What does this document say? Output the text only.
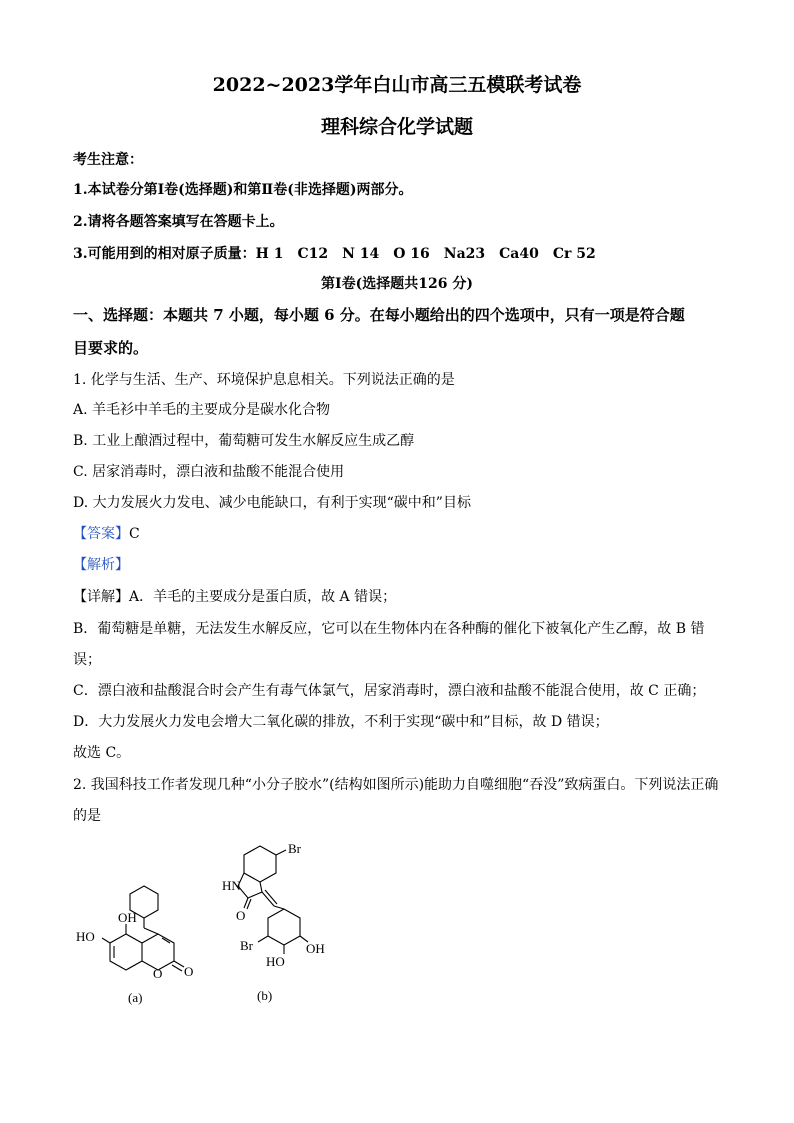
2022~2023学年白山市高三五模联考试卷
理科综合化学试题
考生注意：
1.本试卷分第Ⅰ卷(选择题)和第Ⅱ卷(非选择题)两部分。
2.请将各题答案填写在答题卡上。
3.可能用到的相对原子质量：H 1　C12　N 14　O 16　Na23　Ca40　Cr 52
第Ⅰ卷(选择题共126 分)
一、选择题：本题共 7 小题，每小题 6 分。在每小题给出的四个选项中，只有一项是符合题
目要求的。
1. 化学与生活、生产、环境保护息息相关。下列说法正确的是
A. 羊毛衫中羊毛的主要成分是碳水化合物
B. 工业上酿酒过程中，葡萄糖可发生水解反应生成乙醇
C. 居家消毒时，漂白液和盐酸不能混合使用
D. 大力发展火力发电、减少电能缺口，有利于实现“碳中和”目标
【答案】C
【解析】
【详解】A．羊毛的主要成分是蛋白质，故 A 错误；
B．葡萄糖是单糖，无法发生水解反应，它可以在生物体内在各种酶的催化下被氧化产生乙醇，故 B 错
误；
C．漂白液和盐酸混合时会产生有毒气体氯气，居家消毒时，漂白液和盐酸不能混合使用，故 C 正确；
D．大力发展火力发电会增大二氧化碳的排放，不利于实现“碳中和”目标，故 D 错误；
故选 C。
2. 我国科技工作者发现几种“小分子胶水”(结构如图所示)能助力自噬细胞“吞没”致病蛋白。下列说法正确
的是
OH
HO
O O
(a)
Br
HN
O
Br
HO
OH
(b)
